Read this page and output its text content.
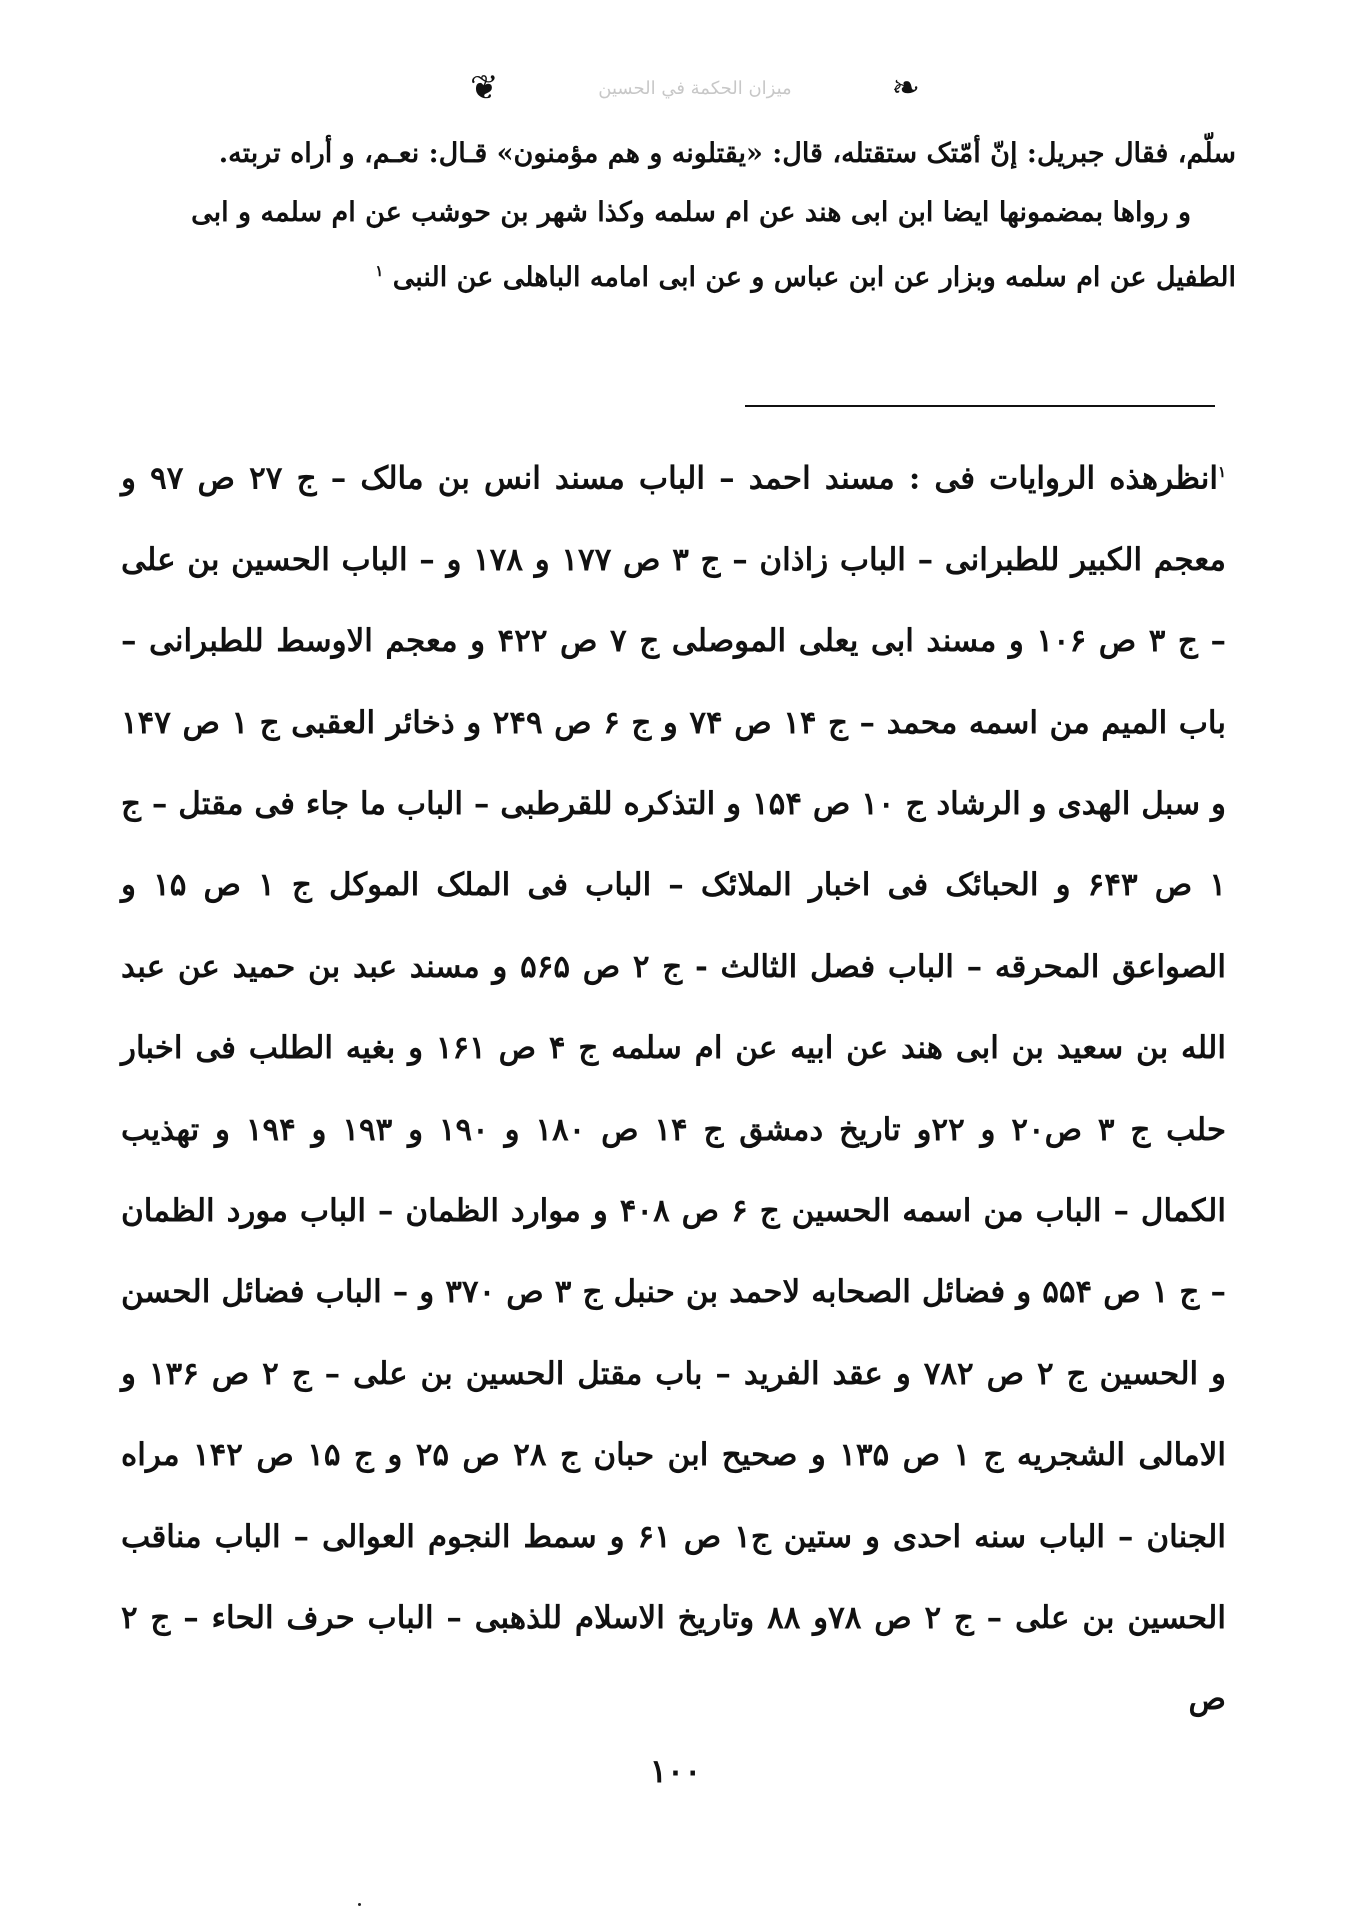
❦	ميزان الحكمة في الحسين	❧

سلّم، فقال جبريل: إنّ أمّتک ستقتله، قال: «يقتلونه و هم مؤمنون» قـال: نعـم، و أراه تربته.

و رواها بمضمونها ايضا ابن ابى هند عن ام سلمه وكذا شهر بن حوشب عن ام سلمه و ابى الطفيل عن ام سلمه وبزار عن ابن عباس و عن ابى امامه الباهلى عن النبى $^١$

$^١$انظرهذه الروايات فى : مسند احمد – الباب مسند انس بن مالک – ج ٢٧ ص ٩٧ و معجم الكبير للطبرانى – الباب زاذان – ج ٣ ص ١٧٧ و ١٧٨ و – الباب الحسين بن على – ج ٣ ص ١٠۶ و مسند ابى يعلى الموصلى ج ٧ ص ۴٢٢ و معجم الاوسط للطبرانى – باب الميم من اسمه محمد – ج ١۴ ص ٧۴ و ج ۶ ص ٢۴٩ و ذخائر العقبى ج ١ ص ١۴٧ و سبل الهدى و الرشاد ج ١٠ ص ١۵۴ و التذكره للقرطبى – الباب ما جاء فى مقتل – ج ١ ص ۶۴٣ و الحبائک فى اخبار الملائک – الباب فى الملک الموكل ج ١ ص ١۵ و الصواعق المحرقه – الباب فصل الثالث - ج ٢ ص ۵۶۵ و مسند عبد بن حميد عن عبد الله بن سعيد بن ابى هند عن ابيه عن ام سلمه ج ۴ ص ١۶١ و بغيه الطلب فى اخبار حلب ج ٣ ص٢٠ و ٢٢و تاريخ دمشق ج ١۴ ص ١٨٠ و ١٩٠ و ١٩٣ و ١٩۴ و تهذيب الكمال – الباب من اسمه الحسين ج ۶ ص ۴٠٨ و موارد الظمان – الباب مورد الظمان – ج ١ ص ۵۵۴ و فضائل الصحابه لاحمد بن حنبل ج ٣ ص ٣٧٠ و – الباب فضائل الحسن و الحسين ج ٢ ص ٧٨٢ و عقد الفريد – باب مقتل الحسين بن على – ج ٢ ص ١٣۶ و الامالى الشجريه ج ١ ص ١٣۵ و صحيح ابن حبان ج ٢٨ ص ٢۵ و ج ١۵ ص ١۴٢ مراه الجنان – الباب سنه احدى و ستين ج١ ص ۶١ و سمط النجوم العوالى – الباب مناقب الحسين بن على – ج ٢ ص ٧٨و ٨٨ وتاريخ الاسلام للذهبى – الباب حرف الحاء – ج ٢ ص

١٠٠
